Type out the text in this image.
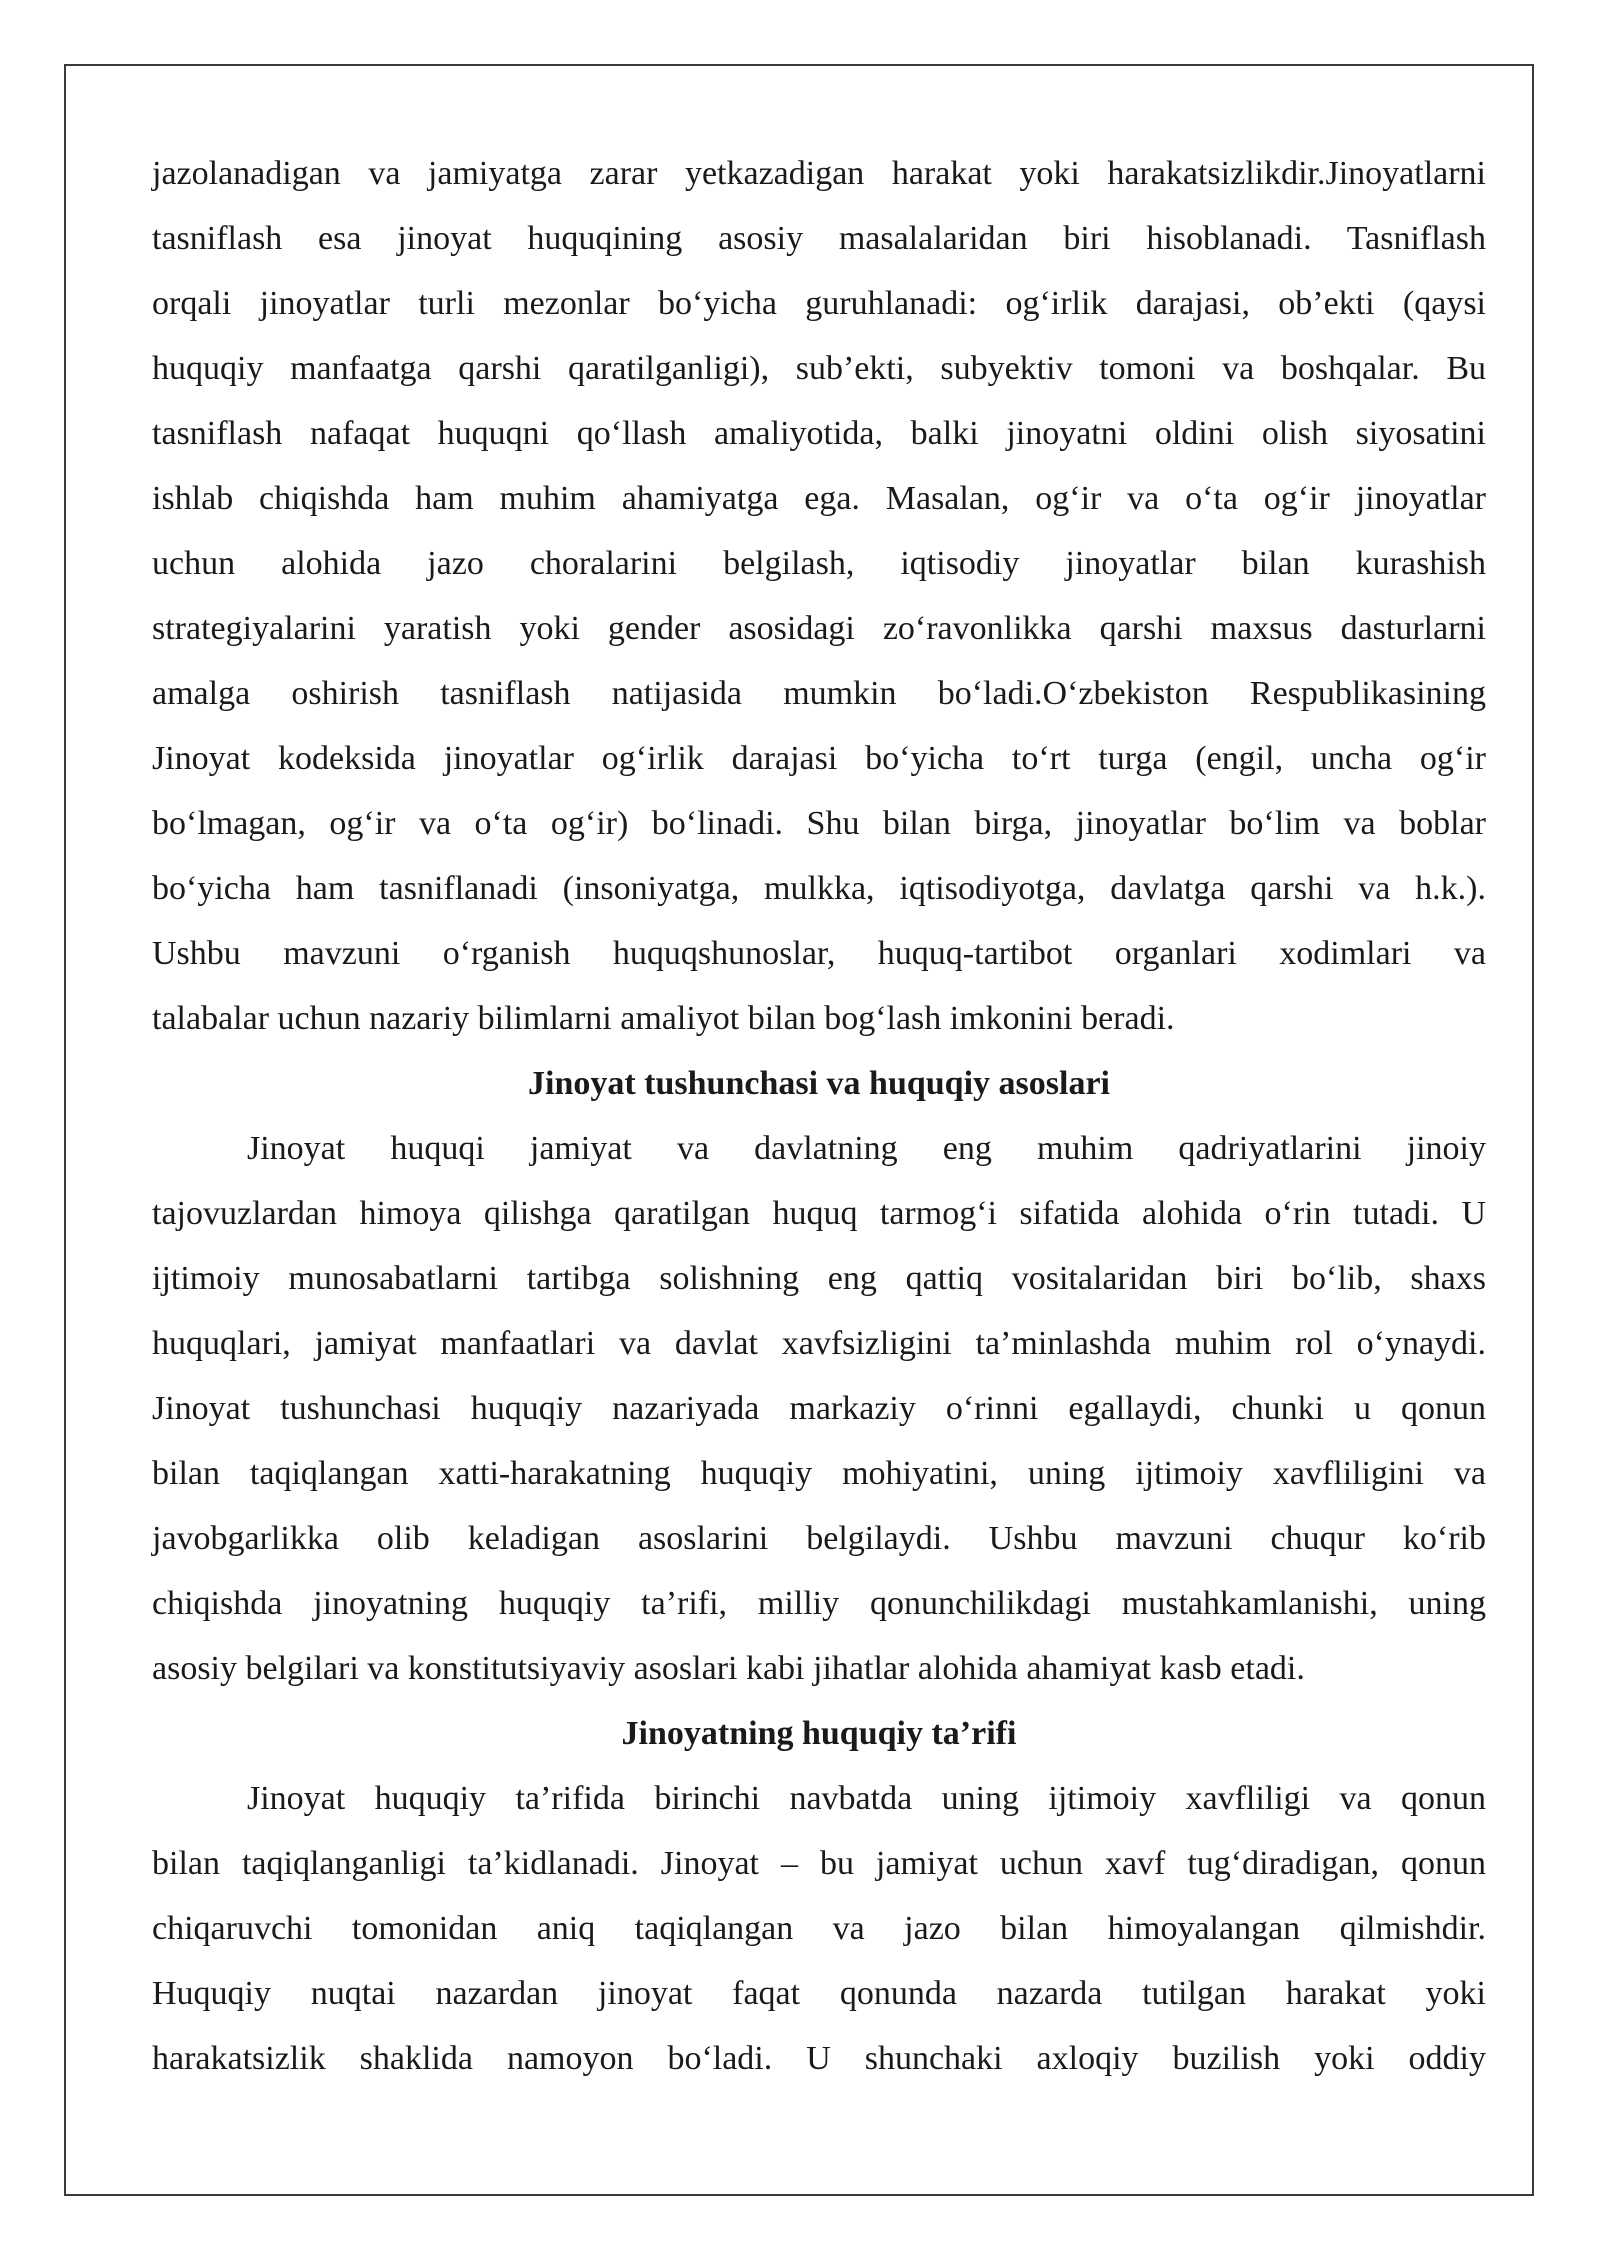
jazolanadigan va jamiyatga zarar yetkazadigan harakat yoki harakatsizlikdir.Jinoyatlarni
tasniflash esa jinoyat huquqining asosiy masalalaridan biri hisoblanadi. Tasniflash
orqali jinoyatlar turli mezonlar bo‘yicha guruhlanadi: og‘irlik darajasi, ob’ekti (qaysi
huquqiy manfaatga qarshi qaratilganligi), sub’ekti, subyektiv tomoni va boshqalar. Bu
tasniflash nafaqat huquqni qo‘llash amaliyotida, balki jinoyatni oldini olish siyosatini
ishlab chiqishda ham muhim ahamiyatga ega. Masalan, og‘ir va o‘ta og‘ir jinoyatlar
uchun alohida jazo choralarini belgilash, iqtisodiy jinoyatlar bilan kurashish
strategiyalarini yaratish yoki gender asosidagi zo‘ravonlikka qarshi maxsus dasturlarni
amalga oshirish tasniflash natijasida mumkin bo‘ladi.O‘zbekiston Respublikasining
Jinoyat kodeksida jinoyatlar og‘irlik darajasi bo‘yicha to‘rt turga (engil, uncha og‘ir
bo‘lmagan, og‘ir va o‘ta og‘ir) bo‘linadi. Shu bilan birga, jinoyatlar bo‘lim va boblar
bo‘yicha ham tasniflanadi (insoniyatga, mulkka, iqtisodiyotga, davlatga qarshi va h.k.).
Ushbu mavzuni o‘rganish huquqshunoslar, huquq-tartibot organlari xodimlari va
talabalar uchun nazariy bilimlarni amaliyot bilan bog‘lash imkonini beradi.
Jinoyat tushunchasi va huquqiy asoslari
Jinoyat huquqi jamiyat va davlatning eng muhim qadriyatlarini jinoiy
tajovuzlardan himoya qilishga qaratilgan huquq tarmog‘i sifatida alohida o‘rin tutadi. U
ijtimoiy munosabatlarni tartibga solishning eng qattiq vositalaridan biri bo‘lib, shaxs
huquqlari, jamiyat manfaatlari va davlat xavfsizligini ta’minlashda muhim rol o‘ynaydi.
Jinoyat tushunchasi huquqiy nazariyada markaziy o‘rinni egallaydi, chunki u qonun
bilan taqiqlangan xatti-harakatning huquqiy mohiyatini, uning ijtimoiy xavfliligini va
javobgarlikka olib keladigan asoslarini belgilaydi. Ushbu mavzuni chuqur ko‘rib
chiqishda jinoyatning huquqiy ta’rifi, milliy qonunchilikdagi mustahkamlanishi, uning
asosiy belgilari va konstitutsiyaviy asoslari kabi jihatlar alohida ahamiyat kasb etadi.
Jinoyatning huquqiy ta’rifi
Jinoyat huquqiy ta’rifida birinchi navbatda uning ijtimoiy xavfliligi va qonun
bilan taqiqlanganligi ta’kidlanadi. Jinoyat – bu jamiyat uchun xavf tug‘diradigan, qonun
chiqaruvchi tomonidan aniq taqiqlangan va jazo bilan himoyalangan qilmishdir.
Huquqiy nuqtai nazardan jinoyat faqat qonunda nazarda tutilgan harakat yoki
harakatsizlik shaklida namoyon bo‘ladi. U shunchaki axloqiy buzilish yoki oddiy
